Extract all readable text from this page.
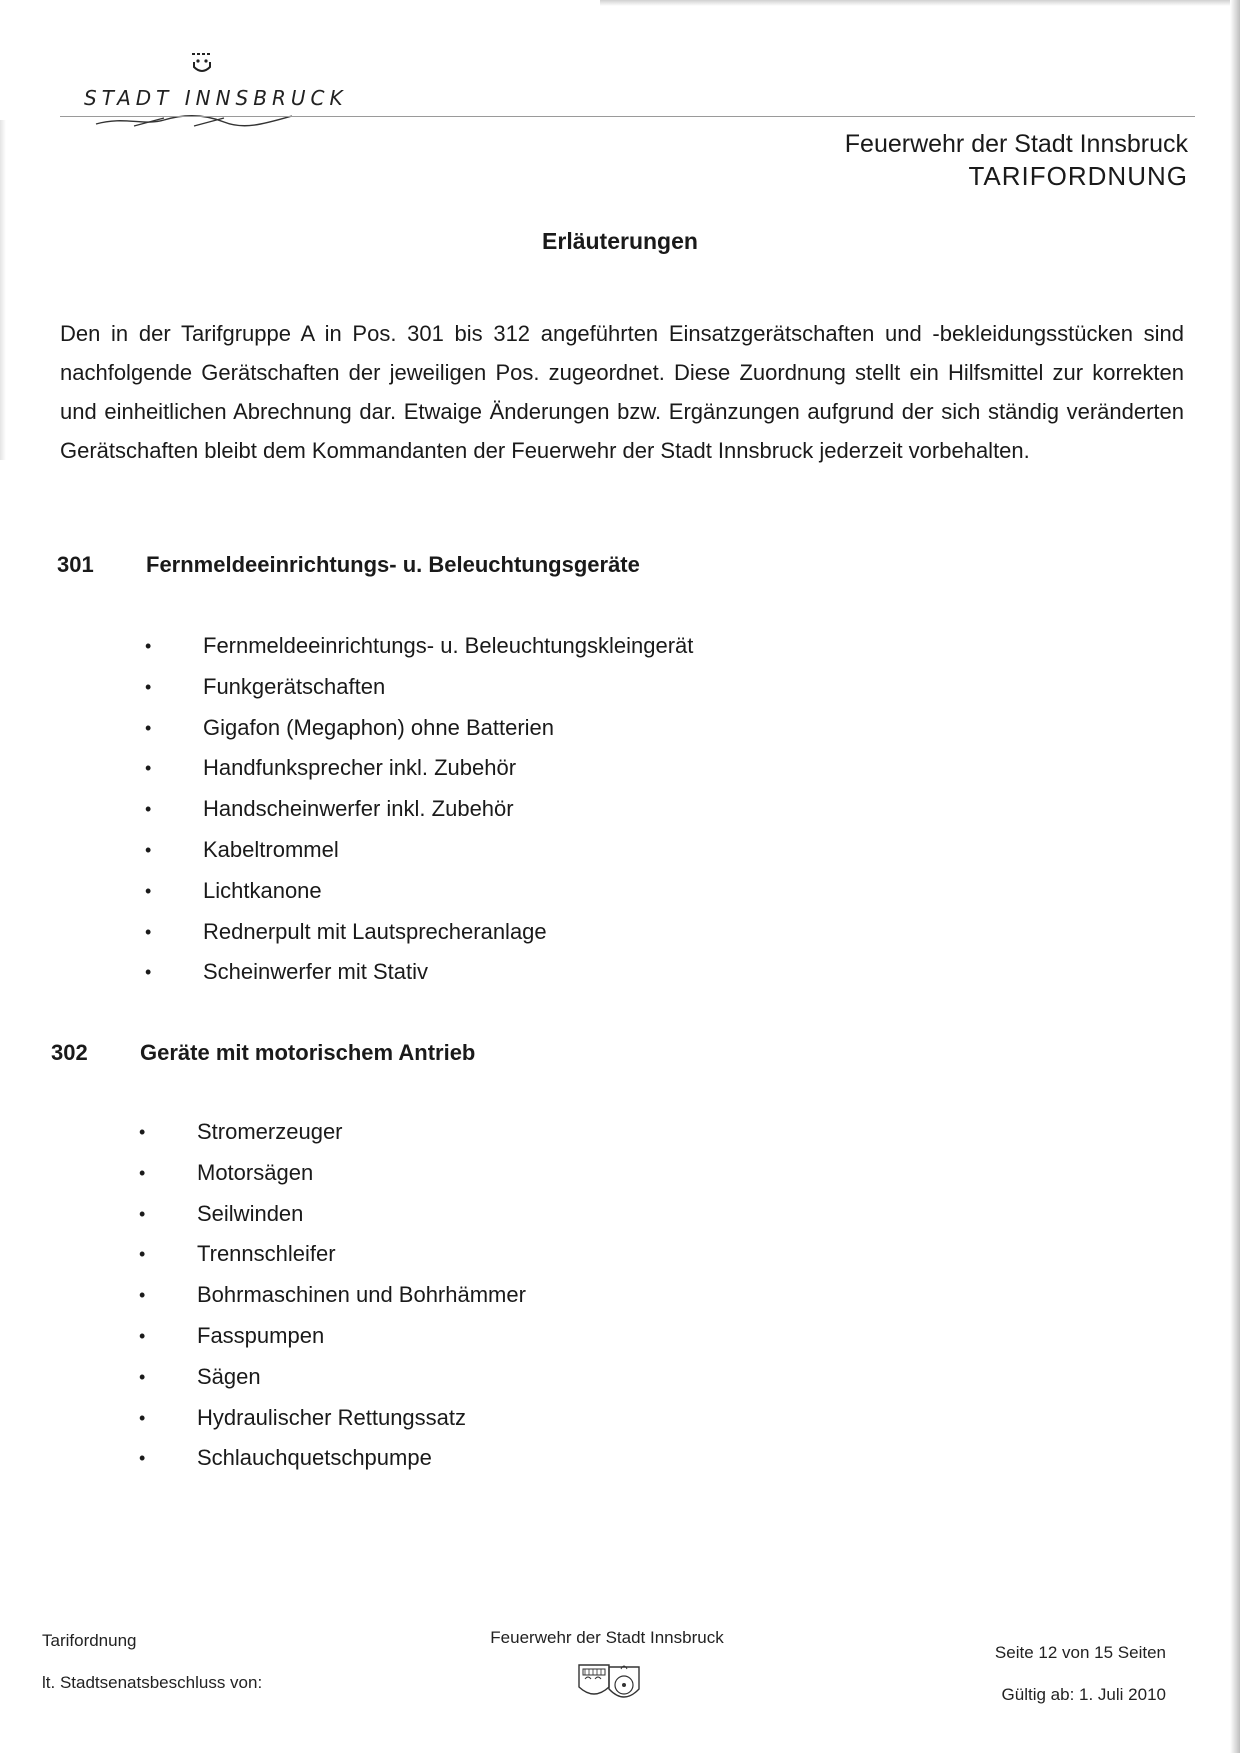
STADT INNSBRUCK
Feuerwehr der Stadt Innsbruck
TARIFORDNUNG
Erläuterungen

Den in der Tarifgruppe A in Pos. 301 bis 312 angeführten Einsatzgerätschaften und -bekleidungsstücken sind nachfolgende Gerätschaften der jeweiligen Pos. zugeordnet. Diese Zuordnung stellt ein Hilfsmittel zur korrekten und einheitlichen Abrechnung dar. Etwaige Änderungen bzw. Ergänzungen aufgrund der sich ständig veränderten Gerätschaften bleibt dem Kommandanten der Feuerwehr der Stadt Innsbruck jederzeit vorbehalten.

301 Fernmeldeeinrichtungs- u. Beleuchtungsgeräte
• Fernmeldeeinrichtungs- u. Beleuchtungskleingerät
• Funkgerätschaften
• Gigafon (Megaphon) ohne Batterien
• Handfunksprecher inkl. Zubehör
• Handscheinwerfer inkl. Zubehör
• Kabeltrommel
• Lichtkanone
• Rednerpult mit Lautsprecheranlage
• Scheinwerfer mit Stativ
302 Geräte mit motorischem Antrieb
• Stromerzeuger
• Motorsägen
• Seilwinden
• Trennschleifer
• Bohrmaschinen und Bohrhämmer
• Fasspumpen
• Sägen
• Hydraulischer Rettungssatz
• Schlauchquetschpumpe
Tarifordnung
lt. Stadtsenatsbeschluss von:
Feuerwehr der Stadt Innsbruck
Seite 12 von 15 Seiten
Gültig ab: 1. Juli 2010
